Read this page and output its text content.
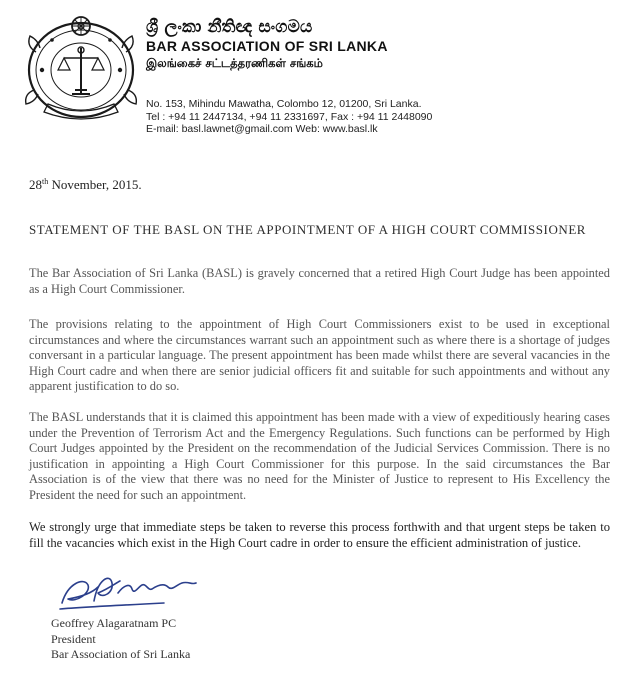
ශ්‍රී ලංකා නීතිඥ සංගමය
BAR ASSOCIATION OF SRI LANKA
இலங்கைச் சட்டத்தரணிகள் சங்கம்
No. 153, Mihindu Mawatha, Colombo 12, 01200, Sri Lanka.
Tel : +94 11 2447134, +94 11 2331697, Fax : +94 11 2448090
E-mail: basl.lawnet@gmail.com Web: www.basl.lk
28th November, 2015.
STATEMENT OF THE BASL ON THE APPOINTMENT OF A HIGH COURT COMMISSIONER

The Bar Association of Sri Lanka (BASL) is gravely concerned that a retired High Court Judge has been appointed as a High Court Commissioner.

The provisions relating to the appointment of High Court Commissioners exist to be used in exceptional circumstances and where the circumstances warrant such an appointment such as where there is a shortage of judges conversant in a particular language. The present appointment has been made whilst there are several vacancies in the High Court cadre and when there are senior judicial officers fit and suitable for such appointments and without any apparent justification to do so.

The BASL understands that it is claimed this appointment has been made with a view of expeditiously hearing cases under the Prevention of Terrorism Act and the Emergency Regulations. Such functions can be performed by High Court Judges appointed by the President on the recommendation of the Judicial Services Commission. There is no justification in appointing a High Court Commissioner for this purpose. In the said circumstances the Bar Association is of the view that there was no need for the Minister of Justice to represent to His Excellency the President the need for such an appointment.

We strongly urge that immediate steps be taken to reverse this process forthwith and that urgent steps be taken to fill the vacancies which exist in the High Court cadre in order to ensure the efficient administration of justice.

Geoffrey Alagaratnam PC
President
Bar Association of Sri Lanka
